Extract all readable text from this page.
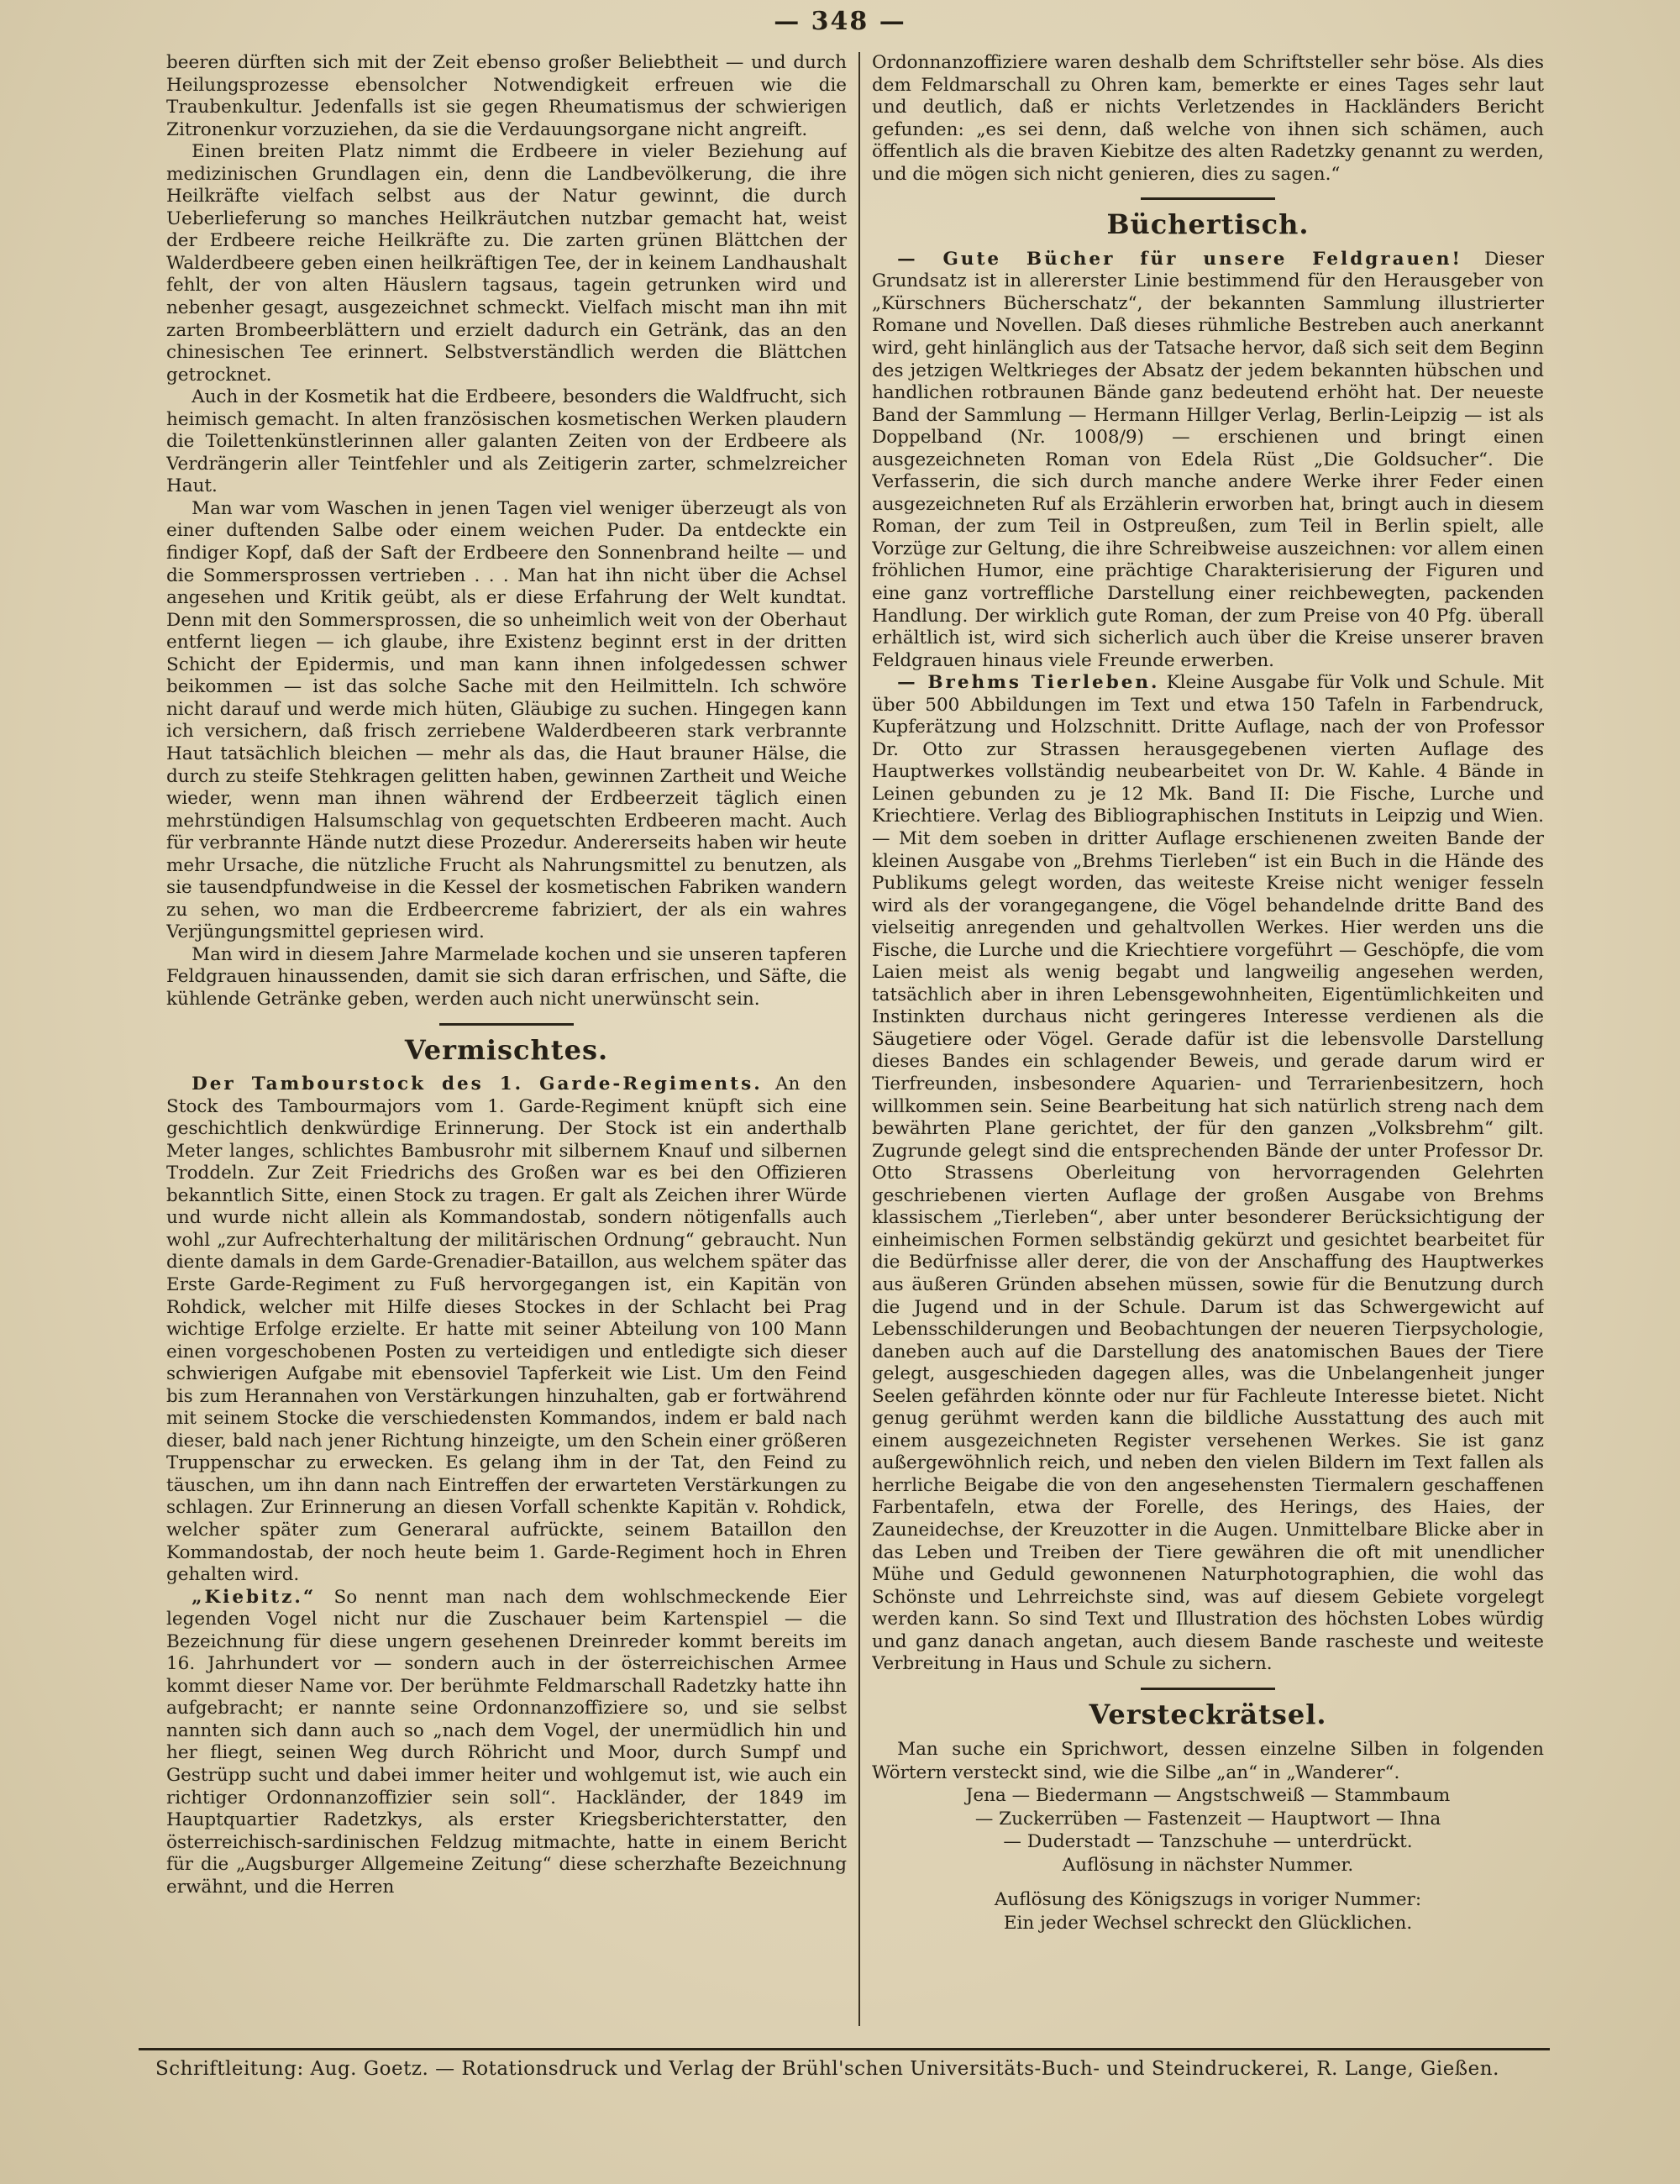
— 348 —

beeren dürften sich mit der Zeit ebenso großer Beliebtheit — und durch Heilungsprozesse ebensolcher Notwendigkeit erfreuen wie die Traubenkultur. Jedenfalls ist sie gegen Rheumatismus der schwierigen Zitronenkur vorzuziehen, da sie die Verdauungsorgane nicht angreift.

Einen breiten Platz nimmt die Erdbeere in vieler Beziehung auf medizinischen Grundlagen ein, denn die Landbevölkerung, die ihre Heilkräfte vielfach selbst aus der Natur gewinnt, die durch Ueberlieferung so manches Heilkräutchen nutzbar gemacht hat, weist der Erdbeere reiche Heilkräfte zu. Die zarten grünen Blättchen der Walderdbeere geben einen heilkräftigen Tee, der in keinem Landhaushalt fehlt, der von alten Häuslern tagsaus, tagein getrunken wird und nebenher gesagt, ausgezeichnet schmeckt. Vielfach mischt man ihn mit zarten Brombeerblättern und erzielt dadurch ein Getränk, das an den chinesischen Tee erinnert. Selbstverständlich werden die Blättchen getrocknet.

Auch in der Kosmetik hat die Erdbeere, besonders die Waldfrucht, sich heimisch gemacht. In alten französischen kosmetischen Werken plaudern die Toilettenkünstlerinnen aller galanten Zeiten von der Erdbeere als Verdrängerin aller Teintfehler und als Zeitigerin zarter, schmelzreicher Haut.

Man war vom Waschen in jenen Tagen viel weniger überzeugt als von einer duftenden Salbe oder einem weichen Puder. Da entdeckte ein findiger Kopf, daß der Saft der Erdbeere den Sonnenbrand heilte — und die Sommersprossen vertrieben . . . Man hat ihn nicht über die Achsel angesehen und Kritik geübt, als er diese Erfahrung der Welt kundtat. Denn mit den Sommersprossen, die so unheimlich weit von der Oberhaut entfernt liegen — ich glaube, ihre Existenz beginnt erst in der dritten Schicht der Epidermis, und man kann ihnen infolgedessen schwer beikommen — ist das solche Sache mit den Heilmitteln. Ich schwöre nicht darauf und werde mich hüten, Gläubige zu suchen. Hingegen kann ich versichern, daß frisch zerriebene Walderdbeeren stark verbrannte Haut tatsächlich bleichen — mehr als das, die Haut brauner Hälse, die durch zu steife Stehkragen gelitten haben, gewinnen Zartheit und Weiche wieder, wenn man ihnen während der Erdbeerzeit täglich einen mehrstündigen Halsumschlag von gequetschten Erdbeeren macht. Auch für verbrannte Hände nutzt diese Prozedur. Andererseits haben wir heute mehr Ursache, die nützliche Frucht als Nahrungsmittel zu benutzen, als sie tausendpfundweise in die Kessel der kosmetischen Fabriken wandern zu sehen, wo man die Erdbeercreme fabriziert, der als ein wahres Verjüngungsmittel gepriesen wird.

Man wird in diesem Jahre Marmelade kochen und sie unseren tapferen Feldgrauen hinaussenden, damit sie sich daran erfrischen, und Säfte, die kühlende Getränke geben, werden auch nicht unerwünscht sein.

Vermischtes.

Der Tambourstock des 1. Garde-Regiments. An den Stock des Tambourmajors vom 1. Garde-Regiment knüpft sich eine geschichtlich denkwürdige Erinnerung. Der Stock ist ein anderthalb Meter langes, schlichtes Bambusrohr mit silbernem Knauf und silbernen Troddeln. Zur Zeit Friedrichs des Großen war es bei den Offizieren bekanntlich Sitte, einen Stock zu tragen. Er galt als Zeichen ihrer Würde und wurde nicht allein als Kommandostab, sondern nötigenfalls auch wohl „zur Aufrechterhaltung der militärischen Ordnung“ gebraucht. Nun diente damals in dem Garde-Grenadier-Bataillon, aus welchem später das Erste Garde-Regiment zu Fuß hervorgegangen ist, ein Kapitän von Rohdick, welcher mit Hilfe dieses Stockes in der Schlacht bei Prag wichtige Erfolge erzielte. Er hatte mit seiner Abteilung von 100 Mann einen vorgeschobenen Posten zu verteidigen und entledigte sich dieser schwierigen Aufgabe mit ebensoviel Tapferkeit wie List. Um den Feind bis zum Herannahen von Verstärkungen hinzuhalten, gab er fortwährend mit seinem Stocke die verschiedensten Kommandos, indem er bald nach dieser, bald nach jener Richtung hinzeigte, um den Schein einer größeren Truppenschar zu erwecken. Es gelang ihm in der Tat, den Feind zu täuschen, um ihn dann nach Eintreffen der erwarteten Verstärkungen zu schlagen. Zur Erinnerung an diesen Vorfall schenkte Kapitän v. Rohdick, welcher später zum Generaral aufrückte, seinem Bataillon den Kommandostab, der noch heute beim 1. Garde-Regiment hoch in Ehren gehalten wird.

„Kiebitz.“ So nennt man nach dem wohlschmeckende Eier legenden Vogel nicht nur die Zuschauer beim Kartenspiel — die Bezeichnung für diese ungern gesehenen Dreinreder kommt bereits im 16. Jahrhundert vor — sondern auch in der österreichischen Armee kommt dieser Name vor. Der berühmte Feldmarschall Radetzky hatte ihn aufgebracht; er nannte seine Ordonnanzoffiziere so, und sie selbst nannten sich dann auch so „nach dem Vogel, der unermüdlich hin und her fliegt, seinen Weg durch Röhricht und Moor, durch Sumpf und Gestrüpp sucht und dabei immer heiter und wohlgemut ist, wie auch ein richtiger Ordonnanzoffizier sein soll“. Hackländer, der 1849 im Hauptquartier Radetzkys, als erster Kriegsberichterstatter, den österreichisch-sardinischen Feldzug mitmachte, hatte in einem Bericht für die „Augsburger Allgemeine Zeitung“ diese scherzhafte Bezeichnung erwähnt, und die Herren

Ordonnanzoffiziere waren deshalb dem Schriftsteller sehr böse. Als dies dem Feldmarschall zu Ohren kam, bemerkte er eines Tages sehr laut und deutlich, daß er nichts Verletzendes in Hackländers Bericht gefunden: „es sei denn, daß welche von ihnen sich schämen, auch öffentlich als die braven Kiebitze des alten Radetzky genannt zu werden, und die mögen sich nicht genieren, dies zu sagen.“

Büchertisch.

— Gute Bücher für unsere Feldgrauen! Dieser Grundsatz ist in allererster Linie bestimmend für den Herausgeber von „Kürschners Bücherschatz“, der bekannten Sammlung illustrierter Romane und Novellen. Daß dieses rühmliche Bestreben auch anerkannt wird, geht hinlänglich aus der Tatsache hervor, daß sich seit dem Beginn des jetzigen Weltkrieges der Absatz der jedem bekannten hübschen und handlichen rotbraunen Bände ganz bedeutend erhöht hat. Der neueste Band der Sammlung — Hermann Hillger Verlag, Berlin-Leipzig — ist als Doppelband (Nr. 1008/9) — erschienen und bringt einen ausgezeichneten Roman von Edela Rüst „Die Goldsucher“. Die Verfasserin, die sich durch manche andere Werke ihrer Feder einen ausgezeichneten Ruf als Erzählerin erworben hat, bringt auch in diesem Roman, der zum Teil in Ostpreußen, zum Teil in Berlin spielt, alle Vorzüge zur Geltung, die ihre Schreibweise auszeichnen: vor allem einen fröhlichen Humor, eine prächtige Charakterisierung der Figuren und eine ganz vortreffliche Darstellung einer reichbewegten, packenden Handlung. Der wirklich gute Roman, der zum Preise von 40 Pfg. überall erhältlich ist, wird sich sicherlich auch über die Kreise unserer braven Feldgrauen hinaus viele Freunde erwerben.

— Brehms Tierleben. Kleine Ausgabe für Volk und Schule. Mit über 500 Abbildungen im Text und etwa 150 Tafeln in Farbendruck, Kupferätzung und Holzschnitt. Dritte Auflage, nach der von Professor Dr. Otto zur Strassen herausgegebenen vierten Auflage des Hauptwerkes vollständig neubearbeitet von Dr. W. Kahle. 4 Bände in Leinen gebunden zu je 12 Mk. Band II: Die Fische, Lurche und Kriechtiere. Verlag des Bibliographischen Instituts in Leipzig und Wien. — Mit dem soeben in dritter Auflage erschienenen zweiten Bande der kleinen Ausgabe von „Brehms Tierleben“ ist ein Buch in die Hände des Publikums gelegt worden, das weiteste Kreise nicht weniger fesseln wird als der vorangegangene, die Vögel behandelnde dritte Band des vielseitig anregenden und gehaltvollen Werkes. Hier werden uns die Fische, die Lurche und die Kriechtiere vorgeführt — Geschöpfe, die vom Laien meist als wenig begabt und langweilig angesehen werden, tatsächlich aber in ihren Lebensgewohnheiten, Eigentümlichkeiten und Instinkten durchaus nicht geringeres Interesse verdienen als die Säugetiere oder Vögel. Gerade dafür ist die lebensvolle Darstellung dieses Bandes ein schlagender Beweis, und gerade darum wird er Tierfreunden, insbesondere Aquarien- und Terrarienbesitzern, hoch willkommen sein. Seine Bearbeitung hat sich natürlich streng nach dem bewährten Plane gerichtet, der für den ganzen „Volksbrehm“ gilt. Zugrunde gelegt sind die entsprechenden Bände der unter Professor Dr. Otto Strassens Oberleitung von hervorragenden Gelehrten geschriebenen vierten Auflage der großen Ausgabe von Brehms klassischem „Tierleben“, aber unter besonderer Berücksichtigung der einheimischen Formen selbständig gekürzt und gesichtet bearbeitet für die Bedürfnisse aller derer, die von der Anschaffung des Hauptwerkes aus äußeren Gründen absehen müssen, sowie für die Benutzung durch die Jugend und in der Schule. Darum ist das Schwergewicht auf Lebensschilderungen und Beobachtungen der neueren Tierpsychologie, daneben auch auf die Darstellung des anatomischen Baues der Tiere gelegt, ausgeschieden dagegen alles, was die Unbelangenheit junger Seelen gefährden könnte oder nur für Fachleute Interesse bietet. Nicht genug gerühmt werden kann die bildliche Ausstattung des auch mit einem ausgezeichneten Register versehenen Werkes. Sie ist ganz außergewöhnlich reich, und neben den vielen Bildern im Text fallen als herrliche Beigabe die von den angesehensten Tiermalern geschaffenen Farbentafeln, etwa der Forelle, des Herings, des Haies, der Zauneidechse, der Kreuzotter in die Augen. Unmittelbare Blicke aber in das Leben und Treiben der Tiere gewähren die oft mit unendlicher Mühe und Geduld gewonnenen Naturphotographien, die wohl das Schönste und Lehrreichste sind, was auf diesem Gebiete vorgelegt werden kann. So sind Text und Illustration des höchsten Lobes würdig und ganz danach angetan, auch diesem Bande rascheste und weiteste Verbreitung in Haus und Schule zu sichern.

Versteckrätsel.

Man suche ein Sprichwort, dessen einzelne Silben in folgenden Wörtern versteckt sind, wie die Silbe „an“ in „Wanderer“.

Jena — Biedermann — Angstschweiß — Stammbaum
— Zuckerrüben — Fastenzeit — Hauptwort — Ihna
— Duderstadt — Tanzschuhe — unterdrückt.
Auflösung in nächster Nummer.
Auflösung des Königszugs in voriger Nummer:
Ein jeder Wechsel schreckt den Glücklichen.
Schriftleitung: Aug. Goetz. — Rotationsdruck und Verlag der Brühl'schen Universitäts-Buch- und Steindruckerei, R. Lange, Gießen.
